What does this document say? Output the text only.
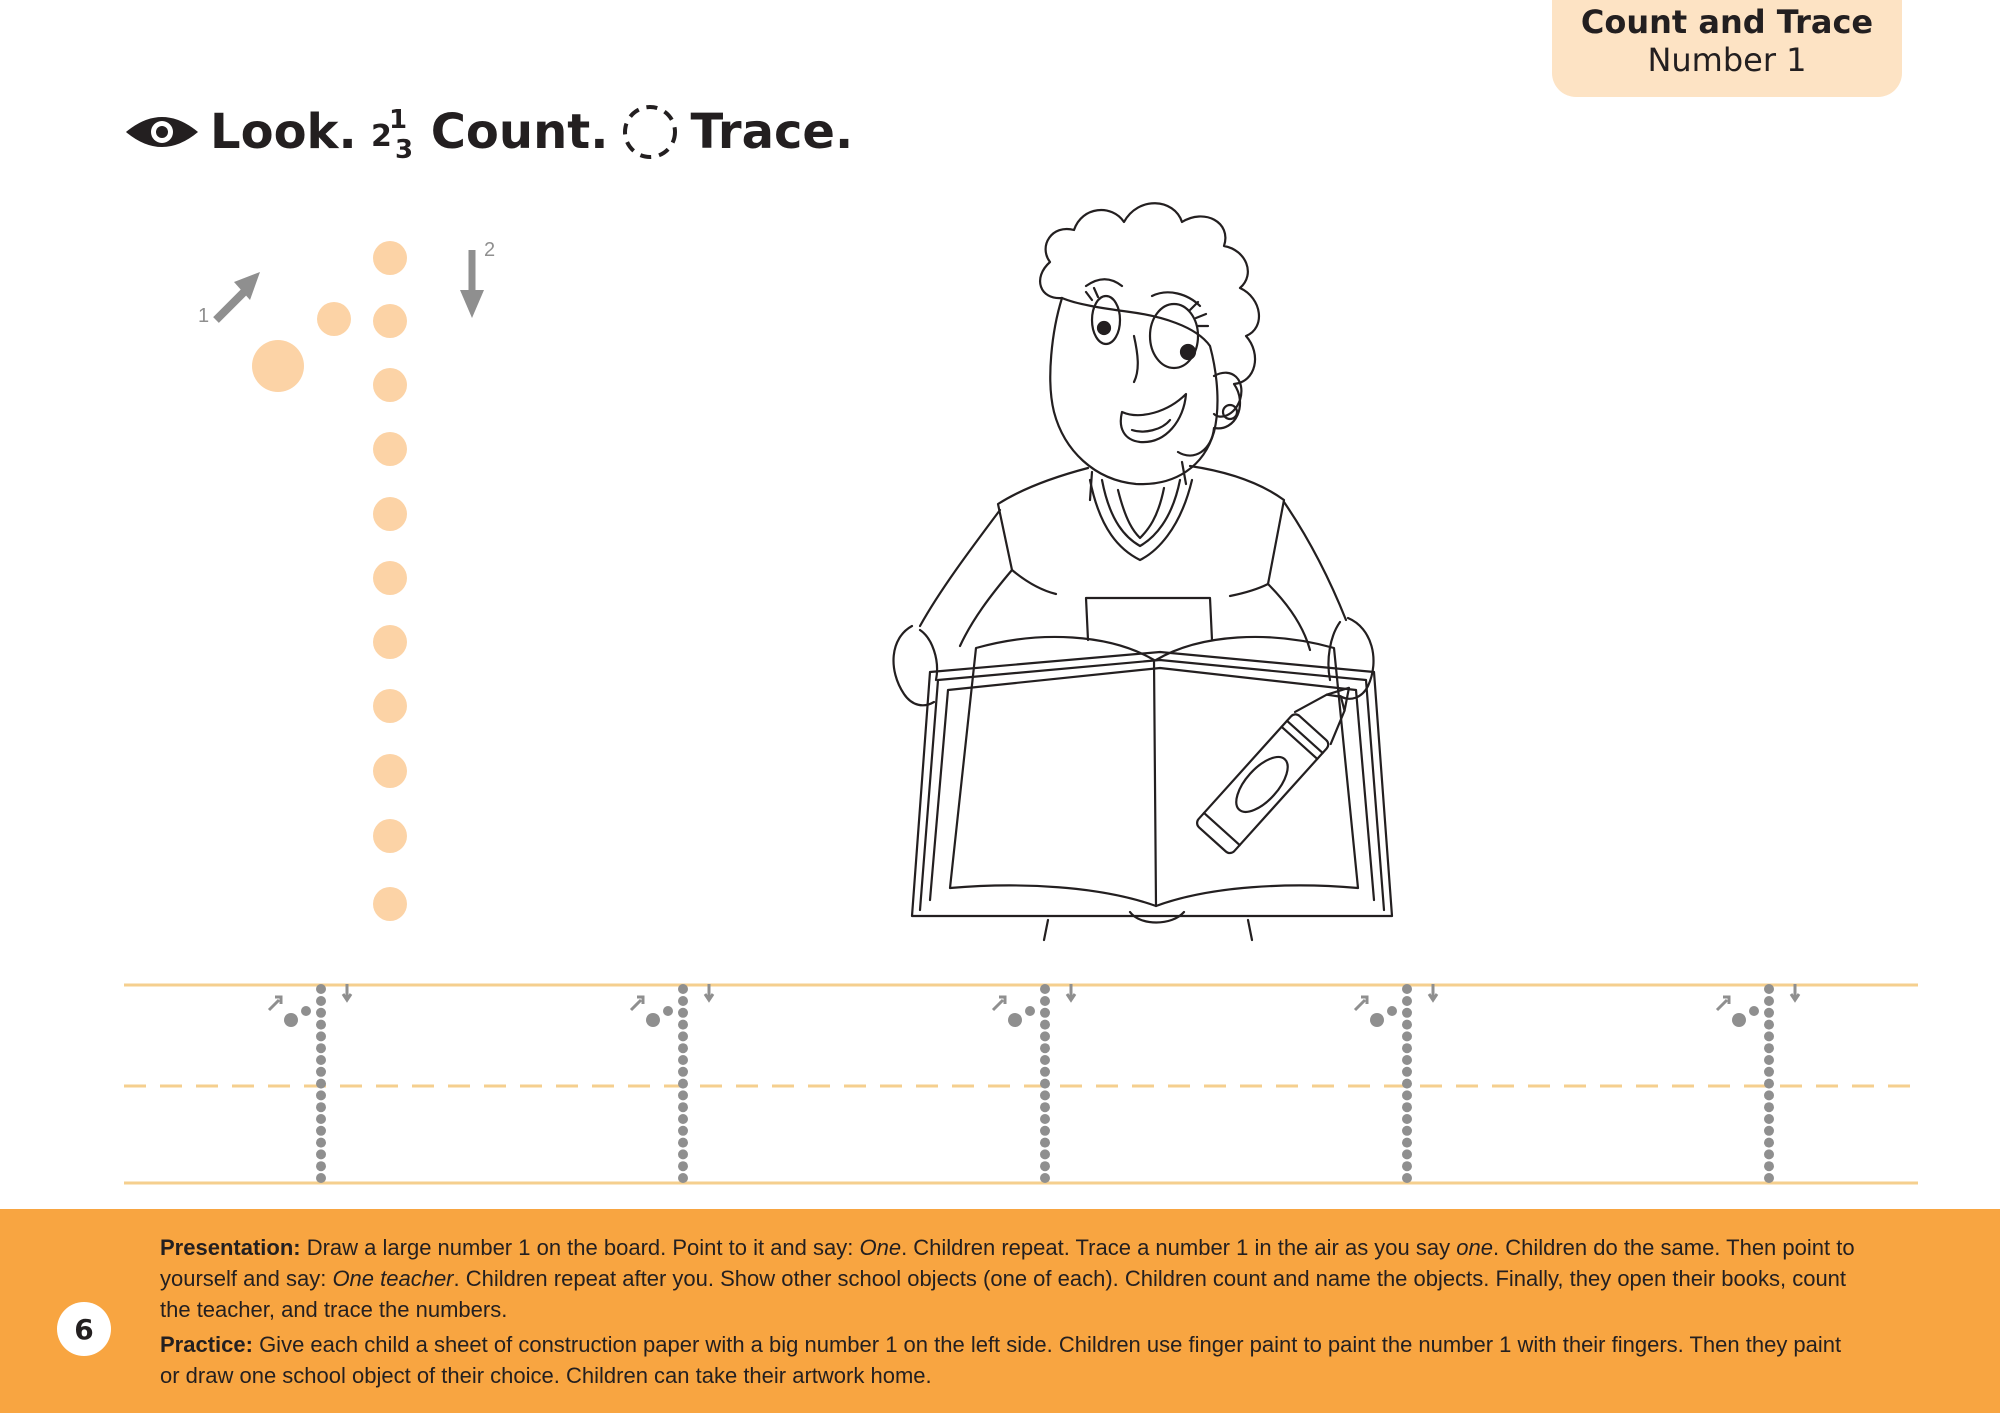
Count and Trace
Number 1
Look. 2
1
3 Count. Trace.
1
2
6

Presentation: Draw a large number 1 on the board. Point to it and say: One. Children repeat. Trace a number 1 in the air as you say one. Children do the same. Then point to yourself and say: One teacher. Children repeat after you. Show other school objects (one of each). Children count and name the objects. Finally, they open their books, count the teacher, and trace the numbers.

Practice: Give each child a sheet of construction paper with a big number 1 on the left side. Children use finger paint to paint the number 1 with their fingers. Then they paint or draw one school object of their choice. Children can take their artwork home.
